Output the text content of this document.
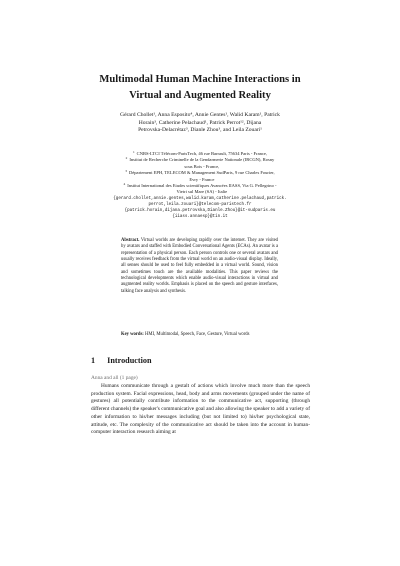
Multimodal Human Machine Interactions in
Virtual and Augmented Reality
Gérard Chollet¹, Anna Esposito⁴, Annie Gentes¹, Walid Karam¹, Patrick
Horain³, Catherine Pelachaud¹, Patrick Perrot¹², Dijana
Petrovska-Delacrétaz³, Dianle Zhou³, and Leila Zouari¹
1 CNRS-LTCI Télécom-ParisTech, 46 rue Barrault, 75634 Paris - France,
2 Institut de Recherche Criminelle de la Gendarmerie Nationale (IRCGN), Rosny
sous Bois - France,
3 Département EPH, TELECOM & Management SudParis, 9 rue Charles Fourier,
Evry - France
4 Institut International des Etudes scientifiques Avancées IIASS, Via G. Pellegrino -
Vietri sul Mare (SA) - Italie
{gerard.chollet,annie.gentes,walid.karam,catherine.pelachaud,patrick.
perrot,leila.zouari}@telecom-paristech.fr
{patrick.horain,dijana.petrovska,Dianle.Zhou}@it-sudparis.eu
{iiass.annaesp}@tin.it
Abstract. Virtual worlds are developing rapidly over the internet. They are visited by avatars and staffed with Embodied Conversational Agents (ECAs). An avatar is a representation of a physical person. Each person controls one or several avatars and usually receives feedback from the virtual world on an audio-visual display. Ideally, all senses should be used to feel fully embedded in a virtual world. Sound, vision and sometimes touch are the available modalities. This paper reviews the technological developments which enable audio-visual interactions in virtual and augmented reality worlds. Emphasis is placed on the speech and gesture interfaces, talking face analysis and synthesis.
Key words: HMI, Multimodal, Speech, Face, Gesture, Virtual words
1 Introduction
Anna and all (1 page)
Humans communicate through a gestalt of actions which involve much more than the speech production system. Facial expressions, head, body and arms movements (grouped under the name of gestures) all potentially contribute information to the communicative act, supporting (through different channels) the speaker's communicative goal and also allowing the speaker to add a variety of other information to his/her messages including (but not limited to) his/her psychological state, attitude, etc. The complexity of the communicative act should be taken into the account in human-computer interaction research aiming at
